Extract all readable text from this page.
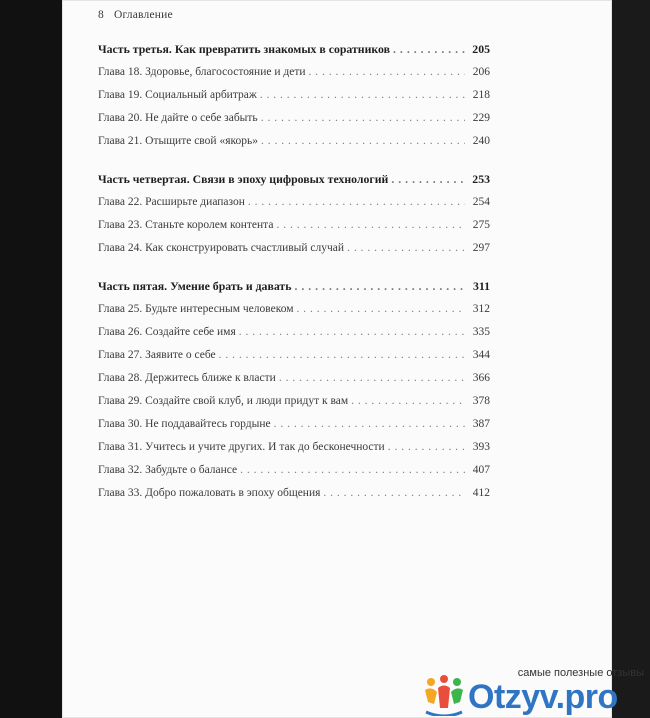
8 Оглавление
Часть третья. Как превратить знакомых в соратников . . .	205
Глава 18. Здоровье, благосостояние и дети . . .	206
Глава 19. Социальный арбитраж . . .	218
Глава 20. Не дайте о себе забыть . . .	229
Глава 21. Отыщите свой «якорь» . . .	240
Часть четвертая. Связи в эпоху цифровых технологий . . .	253
Глава 22. Расширьте диапазон . . .	254
Глава 23. Станьте королем контента . . .	275
Глава 24. Как сконструировать счастливый случай . . .	297
Часть пятая. Умение брать и давать . . .	311
Глава 25. Будьте интересным человеком . . .	312
Глава 26. Создайте себе имя . . .	335
Глава 27. Заявите о себе . . .	344
Глава 28. Держитесь ближе к власти . . .	366
Глава 29. Создайте свой клуб, и люди придут к вам . . .	378
Глава 30. Не поддавайтесь гордыне . . .	387
Глава 31. Учитесь и учите других. И так до бесконечности . . .	393
Глава 32. Забудьте о балансе . . .	407
Глава 33. Добро пожаловать в эпоху общения . . .	412
самые полезные отзывы
Otzyv.pro
